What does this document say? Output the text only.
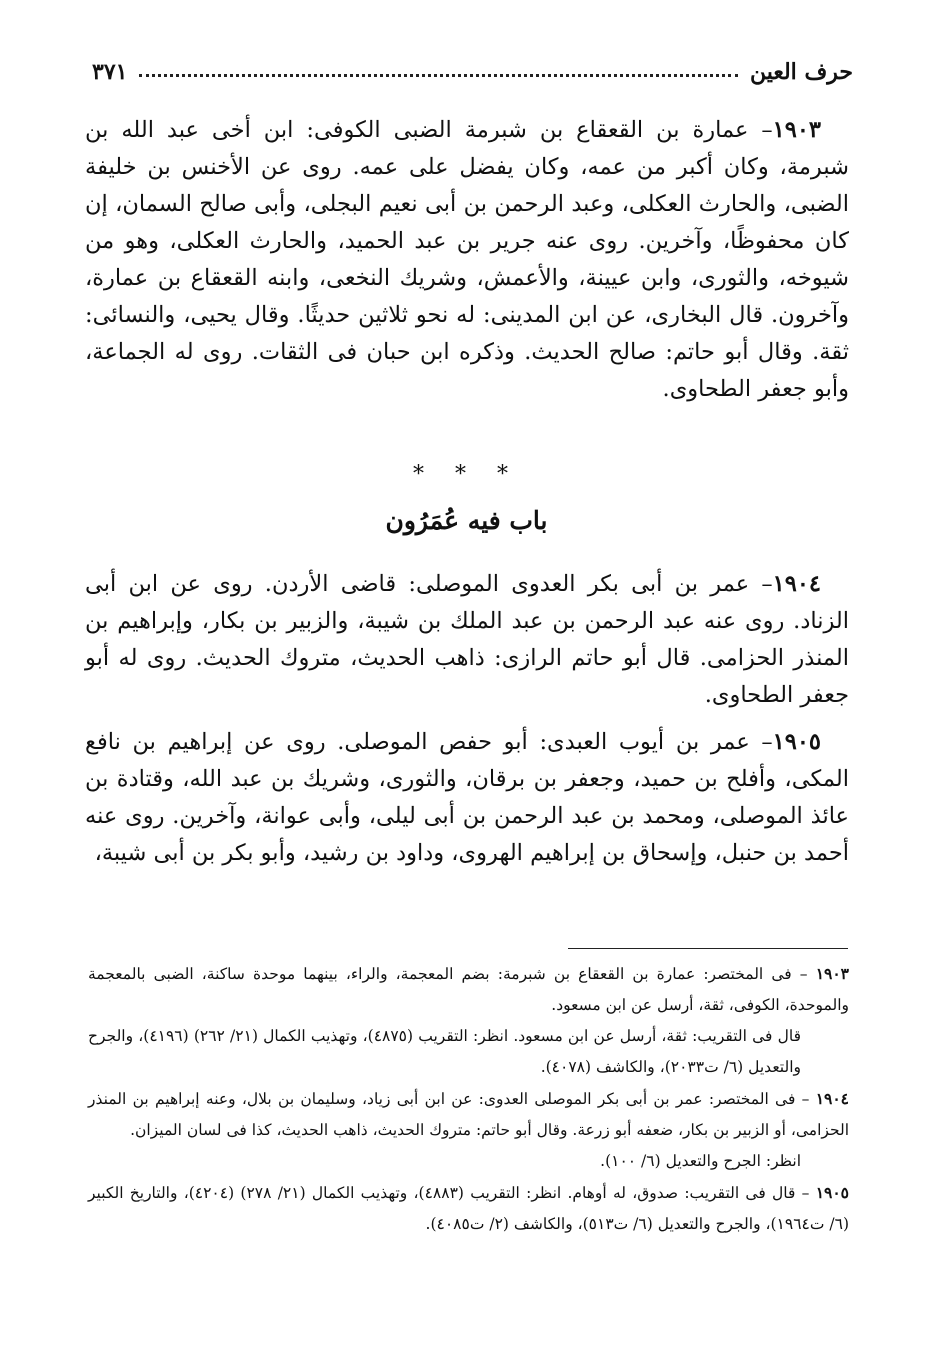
حرف العين
٣٧١

١٩٠٣– عمارة بن القعقاع بن شبرمة الضبى الكوفى: ابن أخى عبد الله بن شبرمة، وكان أكبر من عمه، وكان يفضل على عمه. روى عن الأخنس بن خليفة الضبى، والحارث العكلى، وعبد الرحمن بن أبى نعيم البجلى، وأبى صالح السمان، إن كان محفوظًا، وآخرين. روى عنه جرير بن عبد الحميد، والحارث العكلى، وهو من شيوخه، والثورى، وابن عيينة، والأعمش، وشريك النخعى، وابنه القعقاع بن عمارة، وآخرون. قال البخارى، عن ابن المدينى: له نحو ثلاثين حديثًا. وقال يحيى، والنسائى: ثقة. وقال أبو حاتم: صالح الحديث. وذكره ابن حبان فى الثقات. روى له الجماعة، وأبو جعفر الطحاوى.

* * *
باب فيه عُمَرُون

١٩٠٤– عمر بن أبى بكر العدوى الموصلى: قاضى الأردن. روى عن ابن أبى الزناد. روى عنه عبد الرحمن بن عبد الملك بن شيبة، والزبير بن بكار، وإبراهيم بن المنذر الحزامى. قال أبو حاتم الرازى: ذاهب الحديث، متروك الحديث. روى له أبو جعفر الطحاوى.

١٩٠٥– عمر بن أيوب العبدى: أبو حفص الموصلى. روى عن إبراهيم بن نافع المكى، وأفلح بن حميد، وجعفر بن برقان، والثورى، وشريك بن عبد الله، وقتادة بن عائذ الموصلى، ومحمد بن عبد الرحمن بن أبى ليلى، وأبى عوانة، وآخرين. روى عنه أحمد بن حنبل، وإسحاق بن إبراهيم الهروى، وداود بن رشيد، وأبو بكر بن أبى شيبة،

١٩٠٣ – فى المختصر: عمارة بن القعقاع بن شبرمة: بضم المعجمة، والراء، بينهما موحدة ساكنة، الضبى بالمعجمة والموحدة، الكوفى، ثقة، أرسل عن ابن مسعود.

قال فى التقريب: ثقة، أرسل عن ابن مسعود. انظر: التقريب (٤٨٧٥)، وتهذيب الكمال (٢١/ ٢٦٢) (٤١٩٦)، والجرح والتعديل (٦/ ت٢٠٣٣)، والكاشف (٤٠٧٨).

١٩٠٤ – فى المختصر: عمر بن أبى بكر الموصلى العدوى: عن ابن أبى زياد، وسليمان بن بلال، وعنه إبراهيم بن المنذر الحزامى، أو الزبير بن بكار، ضعفه أبو زرعة. وقال أبو حاتم: متروك الحديث، ذاهب الحديث، كذا فى لسان الميزان.

انظر: الجرح والتعديل (٦/ ١٠٠).

١٩٠٥ – قال فى التقريب: صدوق، له أوهام. انظر: التقريب (٤٨٨٣)، وتهذيب الكمال (٢١/ ٢٧٨) (٤٢٠٤)، والتاريخ الكبير (٦/ ت١٩٦٤)، والجرح والتعديل (٦/ ت٥١٣)، والكاشف (٢/ ت٤٠٨٥).
